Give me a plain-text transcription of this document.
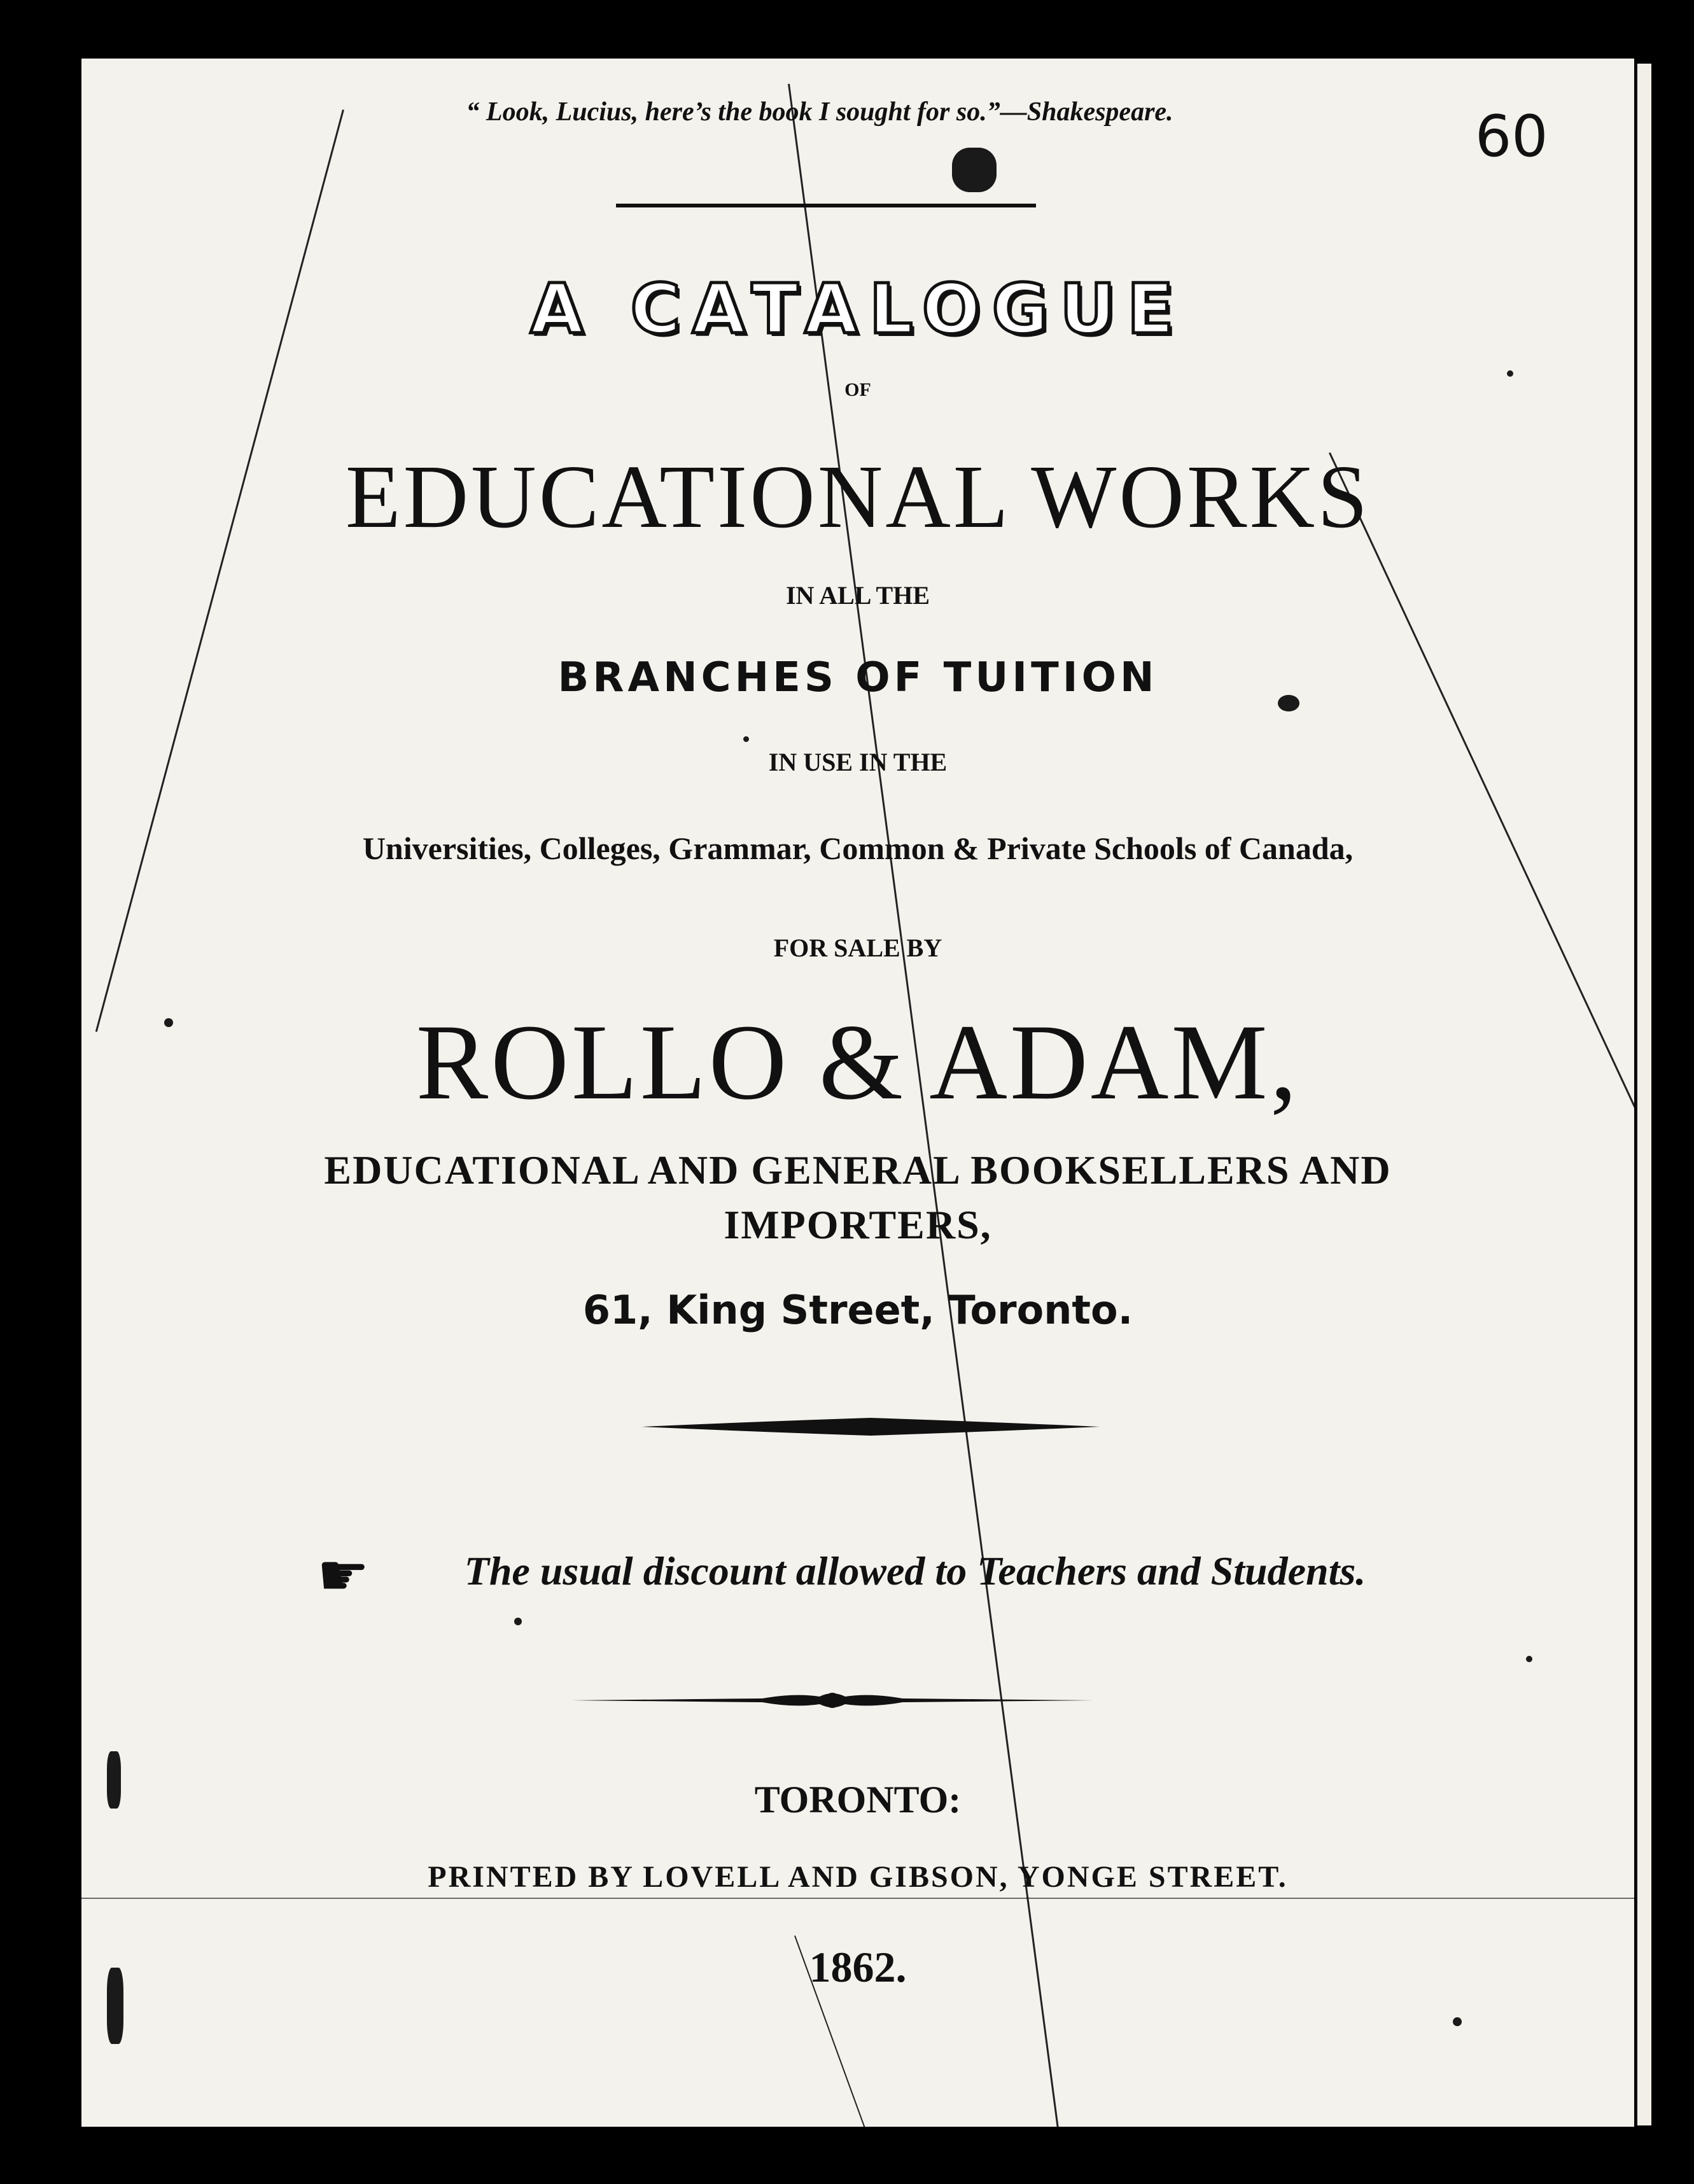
“ Look, Lucius, here’s the book I sought for so.”—Shakespeare.	60
A CATALOGUE
OF
EDUCATIONAL WORKS
IN ALL THE
BRANCHES OF TUITION
IN USE IN THE
Universities, Colleges, Grammar, Common & Private Schools of Canada,
FOR SALE BY
ROLLO & ADAM,
EDUCATIONAL AND GENERAL BOOKSELLERS AND
IMPORTERS,
61, King Street, Toronto.
☛	The usual discount allowed to Teachers and Students.
TORONTO:
PRINTED BY LOVELL AND GIBSON, YONGE STREET.
1862.
